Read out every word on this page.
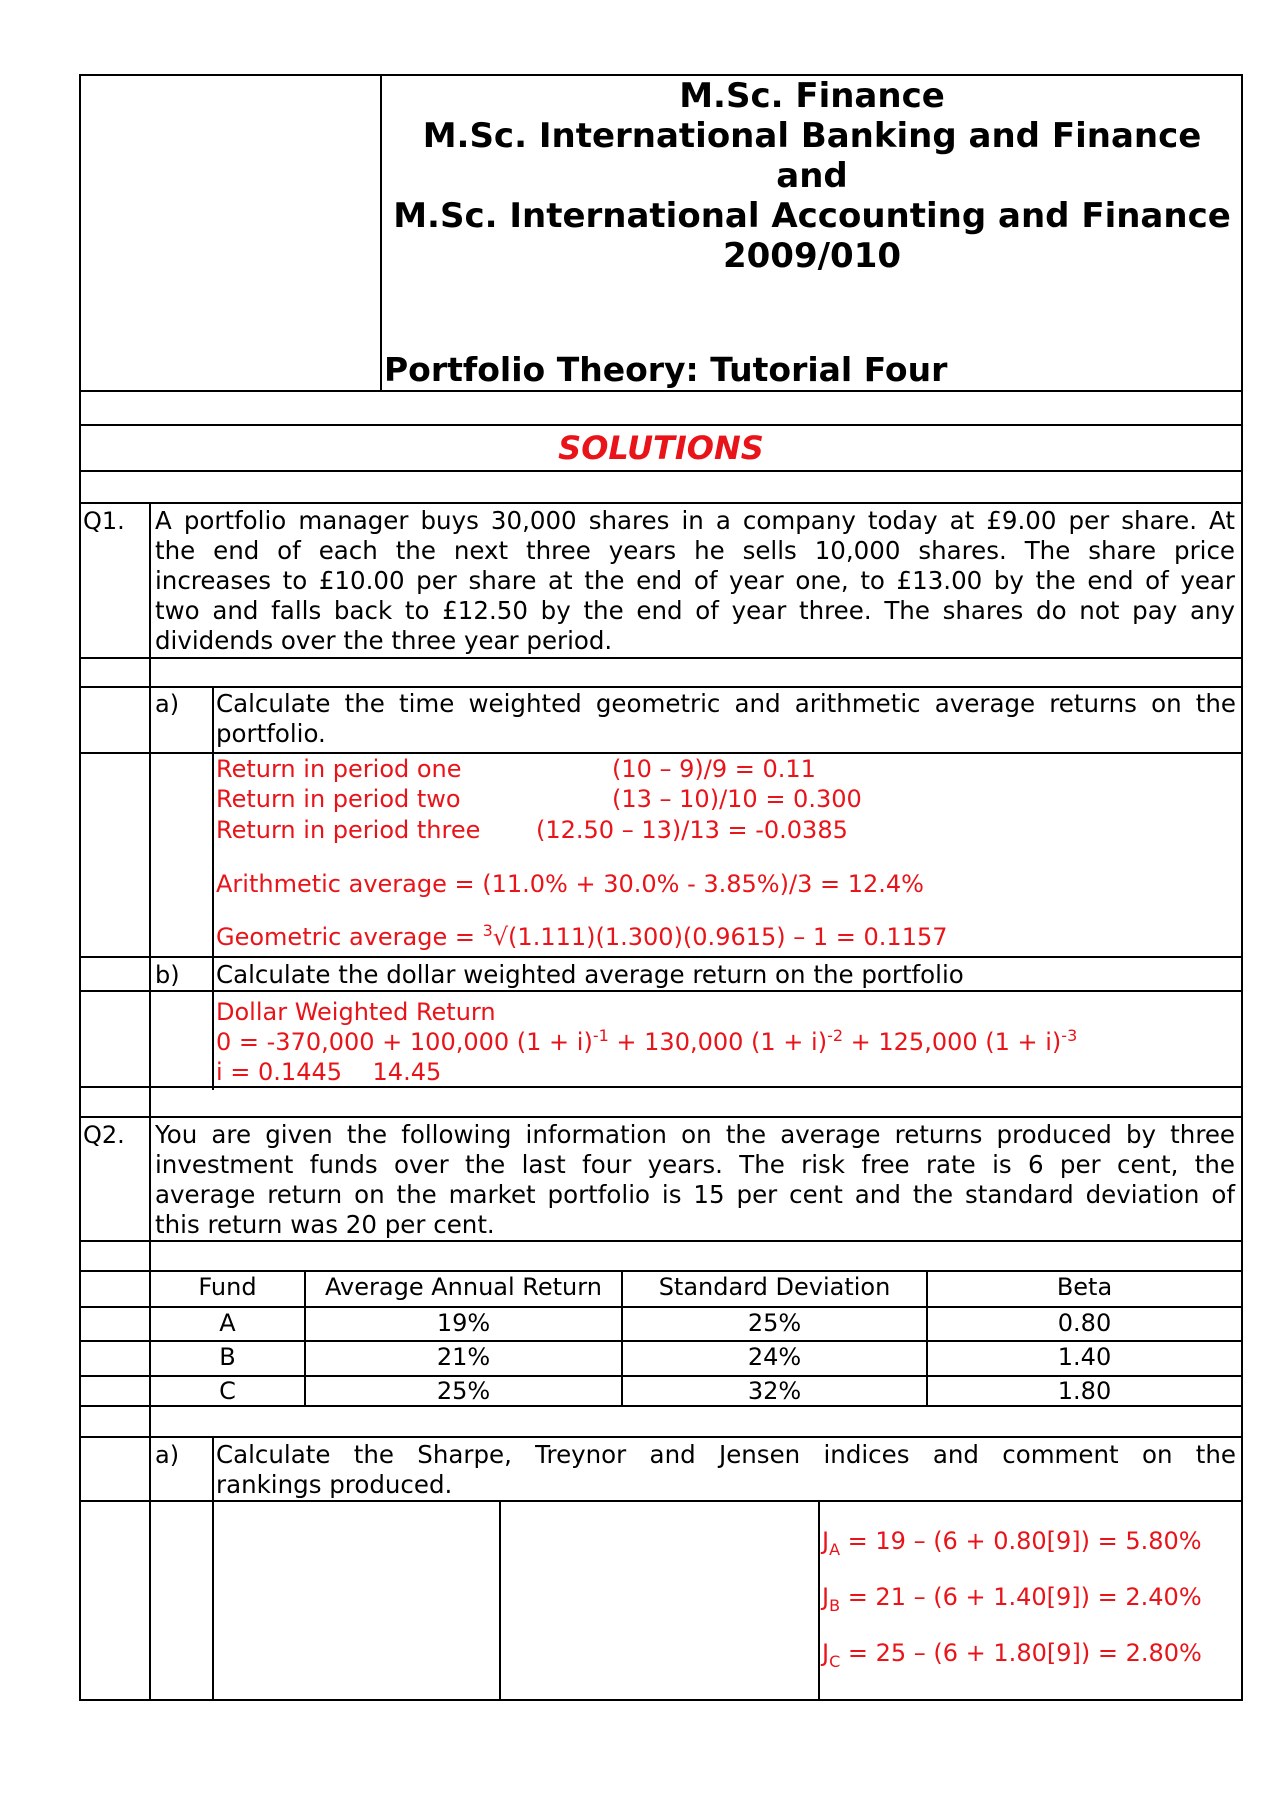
M.Sc. Finance
M.Sc. International Banking and Finance
and
M.Sc. International Accounting and Finance
2009/010
Portfolio Theory: Tutorial Four
SOLUTIONS
Q1. A portfolio manager buys 30,000 shares in a company today at £9.00 per share. At
the end of each the next three years he sells 10,000 shares. The share price
increases to £10.00 per share at the end of year one, to £13.00 by the end of year
two and falls back to £12.50 by the end of year three. The shares do not pay any
dividends over the three year period.
a) Calculate the time weighted geometric and arithmetic average returns on the
portfolio.
Return in period one	(10 – 9)/9 = 0.11
Return in period two	(13 – 10)/10 = 0.300
Return in period three (12.50 – 13)/13 = -0.0385
Arithmetic average = (11.0% + 30.0% - 3.85%)/3 = 12.4%
Geometric average = $^3$√(1.111)(1.300)(0.9615) – 1 = 0.1157
b) Calculate the dollar weighted average return on the portfolio
Dollar Weighted Return
0 = -370,000 + 100,000 $(1 + i)^{-1} + 130,000$ $(1 + i)^{-2} + 125,000$ $(1 + i)^{-3}$
i = 0.1445    14.45
Q2. You are given the following information on the average returns produced by three
investment funds over the last four years. The risk free rate is 6 per cent, the
average return on the market portfolio is 15 per cent and the standard deviation of
this return was 20 per cent.
Fund	Average Annual Return	Standard Deviation	Beta
A	19%	25%	0.80
B	21%	24%	1.40
C	25%	32%	1.80
a) Calculate the Sharpe, Treynor and Jensen indices and comment on the
rankings produced.
$J_A = 19 - (6 + 0.80[9]) = 5.80\%$
$J_B = 21 - (6 + 1.40[9]) = 2.40\%$
$J_C = 25 - (6 + 1.80[9]) = 2.80\%$
